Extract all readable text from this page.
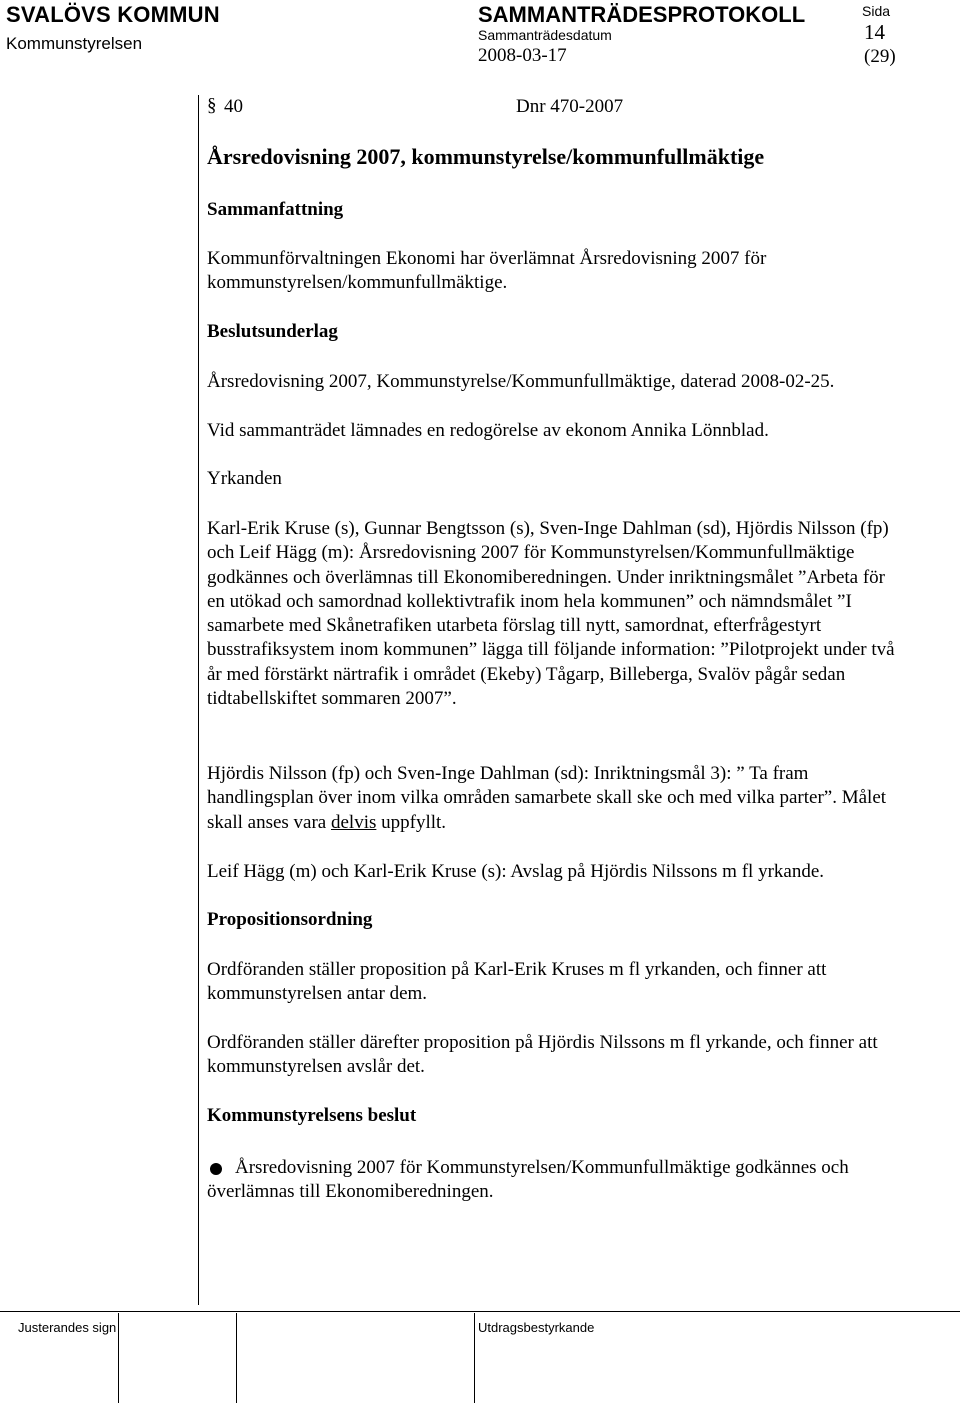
SVALÖVS KOMMUN
Kommunstyrelsen
SAMMANTRÄDESPROTOKOLL
Sammanträdesdatum
2008-03-17
Sida
14
(29)
§ 40	Dnr 470-2007
Årsredovisning 2007, kommunstyrelse/kommunfullmäktige
Sammanfattning

Kommunförvaltningen Ekonomi har överlämnat Årsredovisning 2007 för kommunstyrelsen/kommunfullmäktige.

Beslutsunderlag

Årsredovisning 2007, Kommunstyrelse/Kommunfullmäktige, daterad 2008-02-25.

Vid sammanträdet lämnades en redogörelse av ekonom Annika Lönnblad.

Yrkanden

Karl-Erik Kruse (s), Gunnar Bengtsson (s), Sven-Inge Dahlman (sd), Hjördis Nilsson (fp) och Leif Hägg (m): Årsredovisning 2007 för Kommunstyrelsen/Kommunfullmäktige godkännes och överlämnas till Ekonomiberedningen. Under inriktningsmålet ”Arbeta för en utökad och samordnad kollektivtrafik inom hela kommunen” och nämndsmålet ”I samarbete med Skånetrafiken utarbeta förslag till nytt, samordnat, efterfrågestyrt busstrafiksystem inom kommunen” lägga till följande information: ”Pilotprojekt under två år med förstärkt närtrafik i området (Ekeby) Tågarp, Billeberga, Svalöv pågår sedan tidtabellskiftet sommaren 2007”.

Hjördis Nilsson (fp) och Sven-Inge Dahlman (sd): Inriktningsmål 3): ” Ta fram handlingsplan över inom vilka områden samarbete skall ske och med vilka parter”. Målet skall anses vara delvis uppfyllt.

Leif Hägg (m) och Karl-Erik Kruse (s): Avslag på Hjördis Nilssons m fl yrkande.

Propositionsordning

Ordföranden ställer proposition på Karl-Erik Kruses m fl yrkanden, och finner att kommunstyrelsen antar dem.

Ordföranden ställer därefter proposition på Hjördis Nilssons m fl yrkande, och finner att kommunstyrelsen avslår det.

Kommunstyrelsens beslut

Årsredovisning 2007 för Kommunstyrelsen/Kommunfullmäktige godkännes och överlämnas till Ekonomiberedningen.

Justerandes sign	Utdragsbestyrkande
